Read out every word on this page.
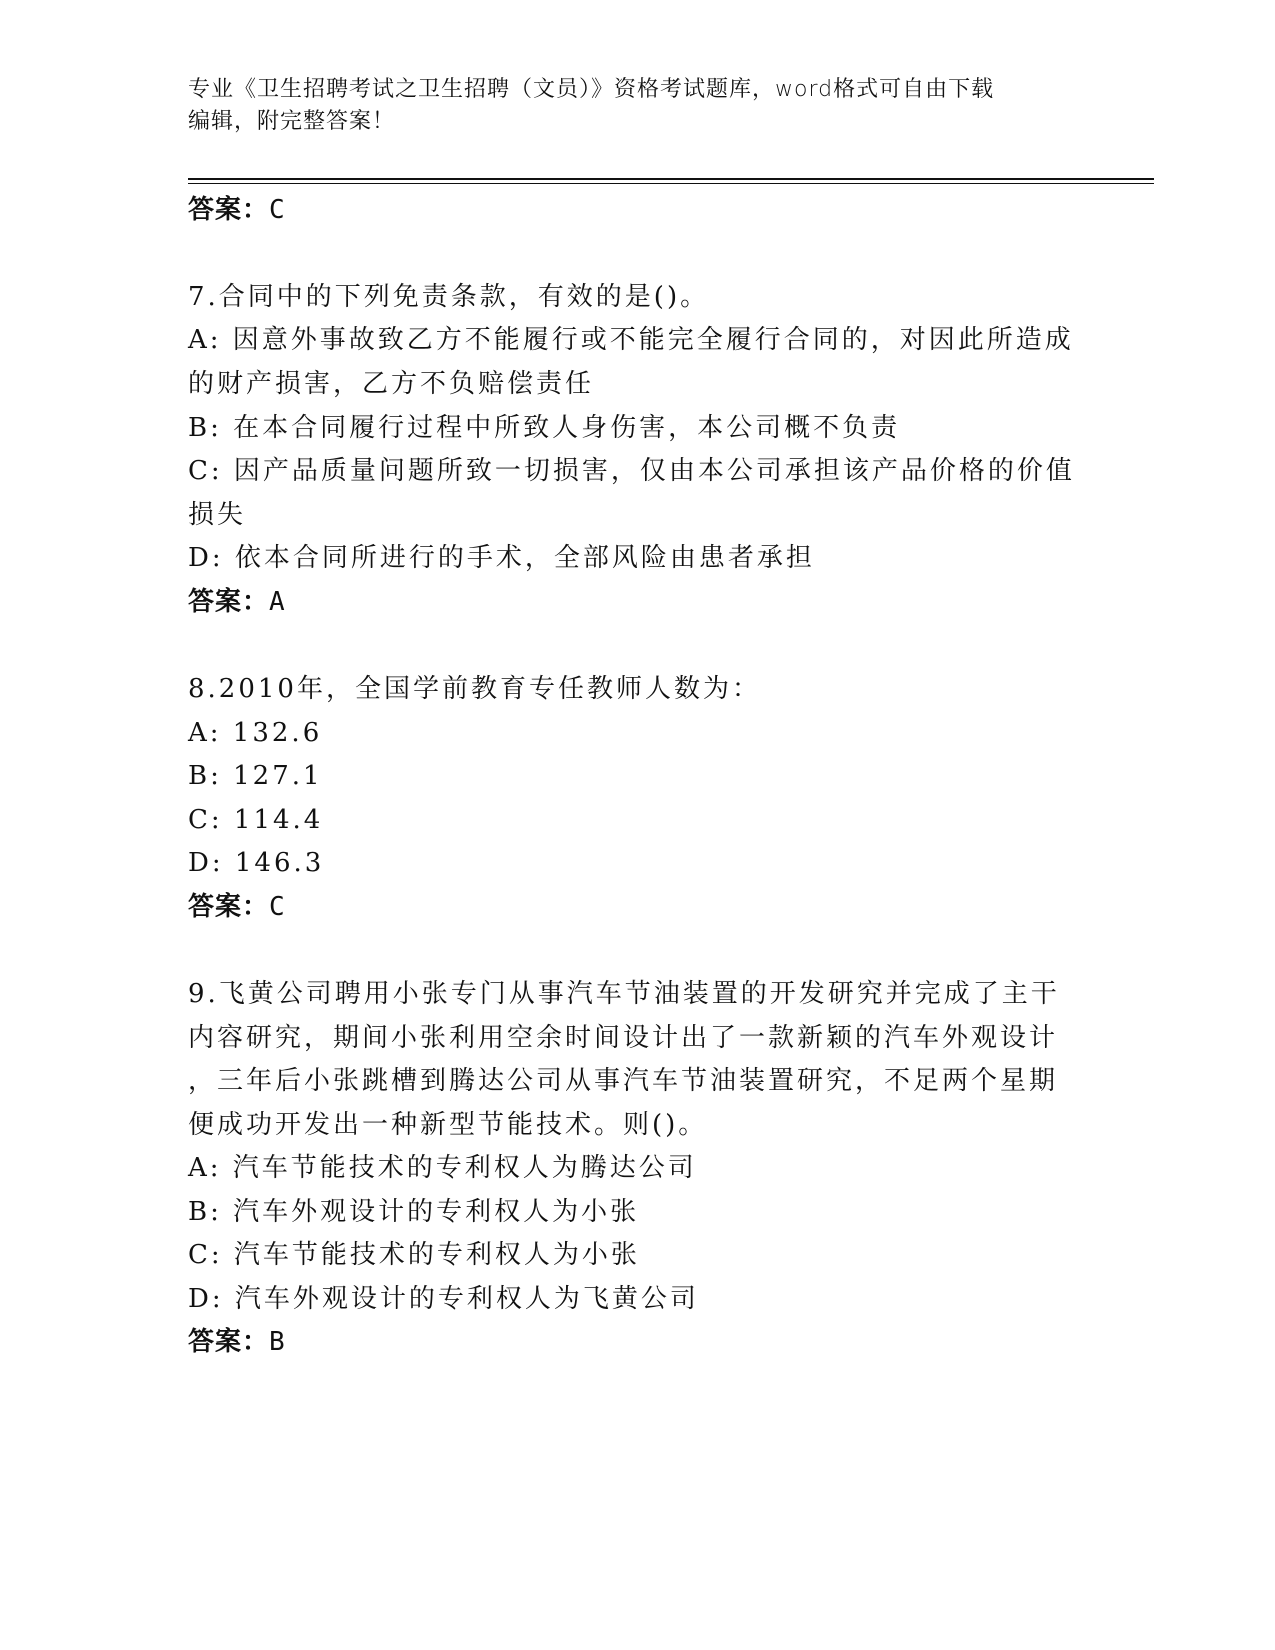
专业《卫生招聘考试之卫生招聘（文员）》资格考试题库，word格式可自由下载
编辑，附完整答案！
答案：C
7.合同中的下列免责条款，有效的是()。
A: 因意外事故致乙方不能履行或不能完全履行合同的，对因此所造成
的财产损害，乙方不负赔偿责任
B: 在本合同履行过程中所致人身伤害，本公司概不负责
C: 因产品质量问题所致一切损害，仅由本公司承担该产品价格的价值
损失
D: 依本合同所进行的手术，全部风险由患者承担
答案：A
8.2010年，全国学前教育专任教师人数为：
A: 132.6
B: 127.1
C: 114.4
D: 146.3
答案：C
9.飞黄公司聘用小张专门从事汽车节油装置的开发研究并完成了主干
内容研究，期间小张利用空余时间设计出了一款新颖的汽车外观设计
，三年后小张跳槽到腾达公司从事汽车节油装置研究，不足两个星期
便成功开发出一种新型节能技术。则()。
A: 汽车节能技术的专利权人为腾达公司
B: 汽车外观设计的专利权人为小张
C: 汽车节能技术的专利权人为小张
D: 汽车外观设计的专利权人为飞黄公司
答案：B
